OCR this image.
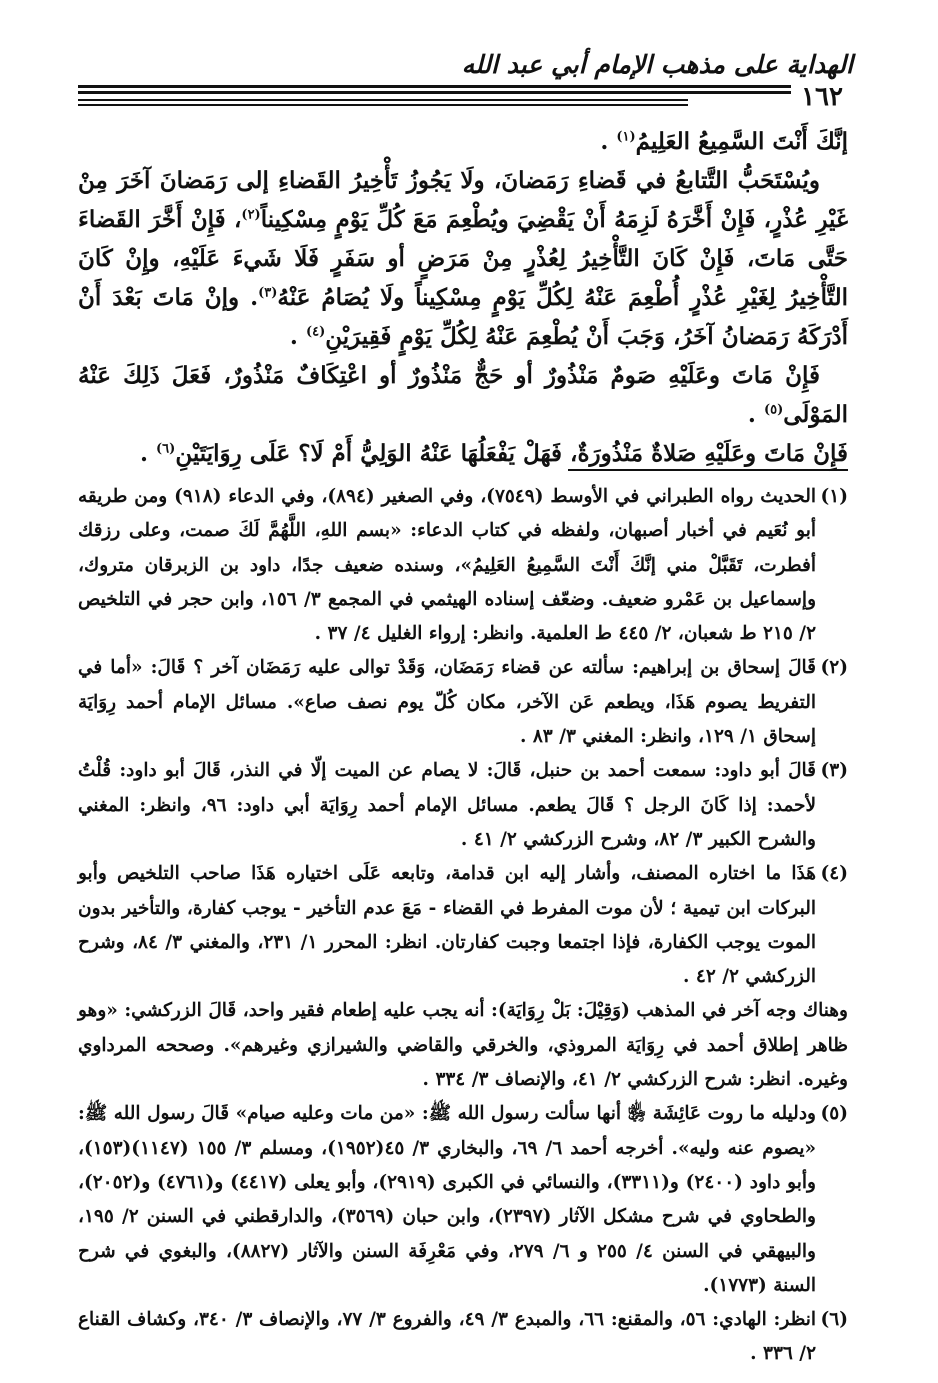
الهداية على مذهب الإمام أبي عبد الله
١٦٢

إنَّكَ أَنْتَ السَّمِيعُ العَلِيمُ$^{(١)}$ .

ويُسْتَحَبُّ التَّتابعُ في قَضاءِ رَمَضانَ، ولَا يَجُوزُ تَأْخِيرُ القَضاءِ إلى رَمَضانَ آخَرَ مِنْ غَيْرِ عُذْرٍ، فَإِنْ أَخَّرَهُ لَزِمَهُ أَنْ يَقْضِيَ ويُطْعِمَ مَعَ كُلِّ يَوْمٍ مِسْكِيناً$^{(٢)}$، فَإِنْ أَخَّرَ القَضاءَ حَتَّى مَاتَ، فَإِنْ كَانَ التَّأْخِيرُ لِعُذْرٍ مِنْ مَرَضٍ أو سَفَرٍ فَلَا شَيءَ عَلَيْهِ، وإِنْ كَانَ التَّأْخِيرُ لِغَيْرِ عُذْرٍ أُطْعِمَ عَنْهُ لِكُلِّ يَوْمٍ مِسْكِيناً ولَا يُصَامُ عَنْهُ$^{(٣)}$. وإنْ مَاتَ بَعْدَ أَنْ أَدْرَكَهُ رَمَضانُ آخَرُ، وَجَبَ أَنْ يُطْعِمَ عَنْهُ لِكُلِّ يَوْمٍ فَقِيرَيْنِ$^{(٤)}$ .

فَإِنْ مَاتَ وعَلَيْهِ صَومٌ مَنْذُورٌ أو حَجٌّ مَنْذُورٌ أو اعْتِكَافٌ مَنْذُورٌ، فَعَلَ ذَلِكَ عَنْهُ المَوْلَى$^{(٥)}$ .

فَإِنْ مَاتَ وعَلَيْهِ صَلاةٌ مَنْذُورَةٌ، فَهَلْ يَفْعَلُهَا عَنْهُ الوَلِيُّ أَمْ لَا؟ عَلَى رِوَايَتَيْنِ$^{(٦)}$ .

(١)
الحديث رواه الطبراني في الأوسط (٧٥٤٩)، وفي الصغير (٨٩٤)، وفي الدعاء (٩١٨) ومن طريقه أبو نُعَيم في أخبار أصبهان، ولفظه في كتاب الدعاء: «بسم اللهِ، اللَّهُمَّ لَكَ صمت، وعلى رزقك أفطرت، تَقَبَّلْ مني إنَّكَ أَنْتَ السَّمِيعُ العَلِيمُ»، وسنده ضعيف جدًا، داود بن الزبرقان متروك، وإسماعيل بن عَمْرو ضعيف. وضعّف إسناده الهيثمي في المجمع ٣/ ١٥٦، وابن حجر في التلخيص ٢/ ٢١٥ ط شعبان، ٢/ ٤٤٥ ط العلمية. وانظر: إرواء الغليل ٤/ ٣٧ .
(٢)
قَالَ إسحاق بن إبراهيم: سألته عن قضاء رَمَضَان، وَقَدْ توالى عليه رَمَضَان آخر ؟ قَالَ: «أما في التفريط يصوم هَذَا، ويطعم عَن الآخر، مكان كُلّ يوم نصف صاع». مسائل الإمام أحمد رِوَايَة إسحاق ١/ ١٢٩، وانظر: المغني ٣/ ٨٣ .
(٣)
قَالَ أبو داود: سمعت أحمد بن حنبل، قَالَ: لا يصام عن الميت إلّا في النذر، قَالَ أبو داود: قُلْتُ لأحمد: إذا كَانَ الرجل ؟ قَالَ يطعم. مسائل الإمام أحمد رِوَايَة أبي داود: ٩٦، وانظر: المغني والشرح الكبير ٣/ ٨٢، وشرح الزركشي ٢/ ٤١ .
(٤)
هَذَا ما اختاره المصنف، وأشار إليه ابن قدامة، وتابعه عَلَى اختياره هَذَا صاحب التلخيص وأبو البركات ابن تيمية ؛ لأن موت المفرط في القضاء - مَعَ عدم التأخير - يوجب كفارة، والتأخير بدون الموت يوجب الكفارة، فإذا اجتمعا وجبت كفارتان. انظر: المحرر ١/ ٢٣١، والمغني ٣/ ٨٤، وشرح الزركشي ٢/ ٤٢ .

وهناك وجه آخر في المذهب (وَقِيْلَ: بَلْ رِوَايَة): أنه يجب عليه إطعام فقير واحد، قَالَ الزركشي: «وهو ظاهر إطلاق أحمد في رِوَايَة المروذي، والخرقي والقاضي والشيرازي وغيرهم». وصححه المرداوي وغيره. انظر: شرح الزركشي ٢/ ٤١، والإنصاف ٣/ ٣٣٤ .

(٥)
ودليله ما روت عَائِشَة ﵂ أنها سألت رسول الله ﷺ: «من مات وعليه صيام» قَالَ رسول الله ﷺ: «يصوم عنه وليه». أخرجه أحمد ٦/ ٦٩، والبخاري ٣/ ٤٥(١٩٥٢)، ومسلم ٣/ ١٥٥ (١١٤٧)(١٥٣)، وأبو داود (٢٤٠٠) و(٣٣١١)، والنسائي في الكبرى (٢٩١٩)، وأبو يعلى (٤٤١٧) و(٤٧٦١) و(٢٠٥٢)، والطحاوي في شرح مشكل الآثار (٢٣٩٧)، وابن حبان (٣٥٦٩)، والدارقطني في السنن ٢/ ١٩٥، والبيهقي في السنن ٤/ ٢٥٥ و ٦/ ٢٧٩، وفي مَعْرِفَة السنن والآثار (٨٨٢٧)، والبغوي في شرح السنة (١٧٧٣).
(٦)
انظر: الهادي: ٥٦، والمقنع: ٦٦، والمبدع ٣/ ٤٩، والفروع ٣/ ٧٧، والإنصاف ٣/ ٣٤٠، وكشاف القناع ٢/ ٣٣٦ .
